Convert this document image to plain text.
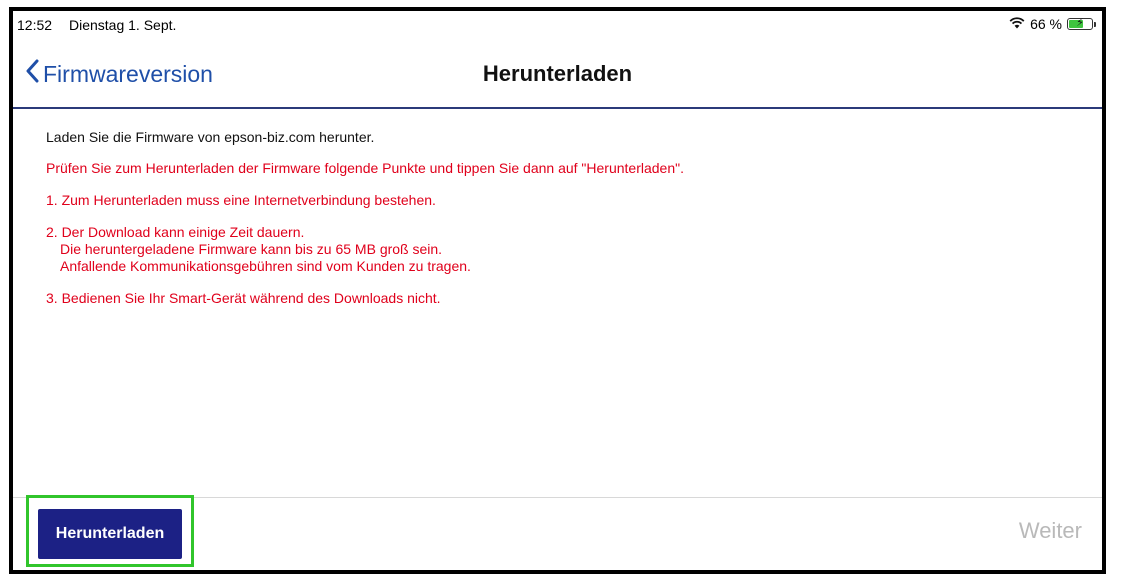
12:52 Dienstag 1. Sept.	66 %	⚡
Firmwareversion	Herunterladen

Laden Sie die Firmware von epson-biz.com herunter.

Prüfen Sie zum Herunterladen der Firmware folgende Punkte und tippen Sie dann auf "Herunterladen".

1. Zum Herunterladen muss eine Internetverbindung bestehen.

2. Der Download kann einige Zeit dauern.

Die heruntergeladene Firmware kann bis zu 65 MB groß sein.
Anfallende Kommunikationsgebühren sind vom Kunden zu tragen.

3. Bedienen Sie Ihr Smart-Gerät während des Downloads nicht.

Herunterladen	Weiter
